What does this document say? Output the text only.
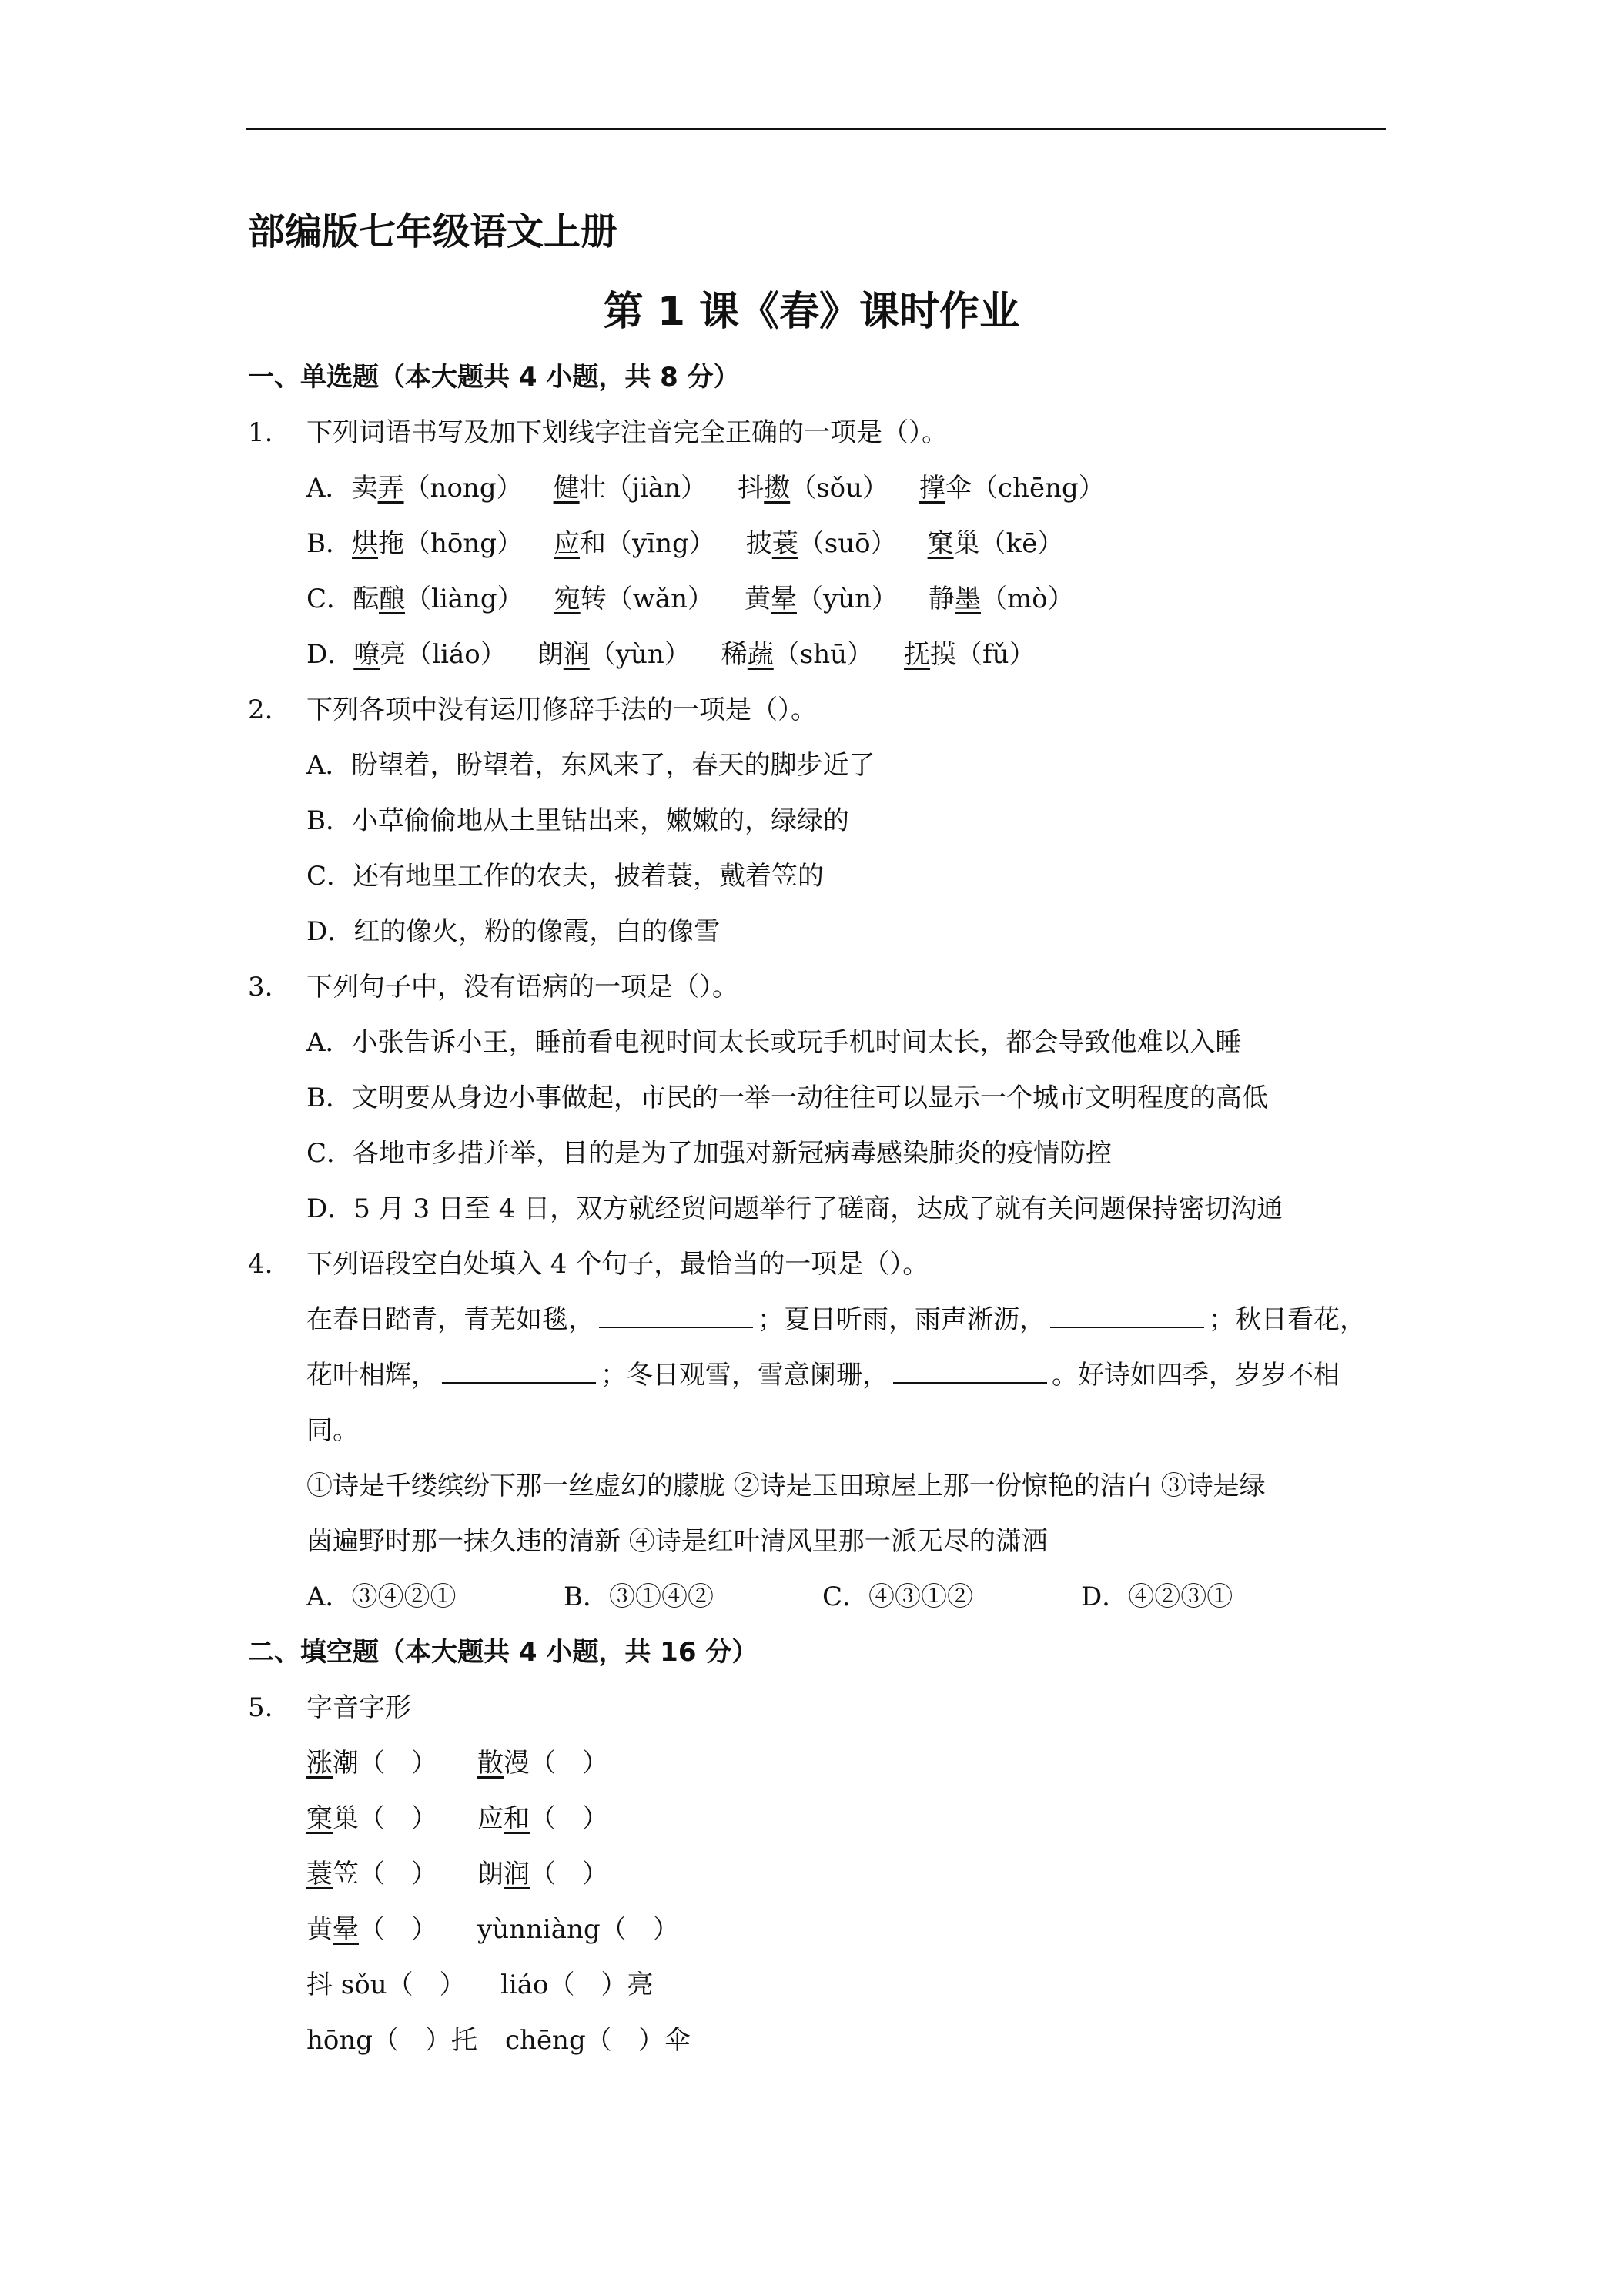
部编版七年级语文上册
第 1 课《春》课时作业
一、单选题（本大题共 4 小题，共 8 分）
1. 下列词语书写及加下划线字注音完全正确的一项是（）。
A．卖弄（nong） 健壮（jiàn） 抖擞（sǒu） 撑伞（chēng）
B．烘拖（hōng） 应和（yīng） 披蓑（suō） 窠巢（kē）
C．酝酿（liàng） 宛转（wǎn） 黄晕（yùn） 静墨（mò）
D．嘹亮（liáo） 朗润（yùn） 稀蔬（shū） 抚摸（fǔ）
2. 下列各项中没有运用修辞手法的一项是（）。
A．盼望着，盼望着，东风来了，春天的脚步近了
B．小草偷偷地从土里钻出来，嫩嫩的，绿绿的
C．还有地里工作的农夫，披着蓑，戴着笠的
D．红的像火，粉的像霞，白的像雪
3. 下列句子中，没有语病的一项是（）。
A．小张告诉小王，睡前看电视时间太长或玩手机时间太长，都会导致他难以入睡
B．文明要从身边小事做起，市民的一举一动往往可以显示一个城市文明程度的高低
C．各地市多措并举，目的是为了加强对新冠病毒感染肺炎的疫情防控
D．5 月 3 日至 4 日，双方就经贸问题举行了磋商，达成了就有关问题保持密切沟通
4. 下列语段空白处填入 4 个句子，最恰当的一项是（）。
在春日踏青，青芜如毯，	；夏日听雨，雨声淅沥，	；秋日看花，
花叶相辉，	；冬日观雪，雪意阑珊，	。好诗如四季，岁岁不相
同。
①诗是千缕缤纷下那一丝虚幻的朦胧 ②诗是玉田琼屋上那一份惊艳的洁白 ③诗是绿
茵遍野时那一抹久违的清新 ④诗是红叶清风里那一派无尽的潇洒
A．③④②①	B．③①④②	C．④③①②	D．④②③①
二、填空题（本大题共 4 小题，共 16 分）
5. 字音字形
涨潮（　） 散漫（　）
窠巢（　） 应和（　）
蓑笠（　） 朗润（　）
黄晕（　） yùnniàng（　）
抖 sǒu（　） liáo（　）亮
hōng（　）托 chēng（　）伞
